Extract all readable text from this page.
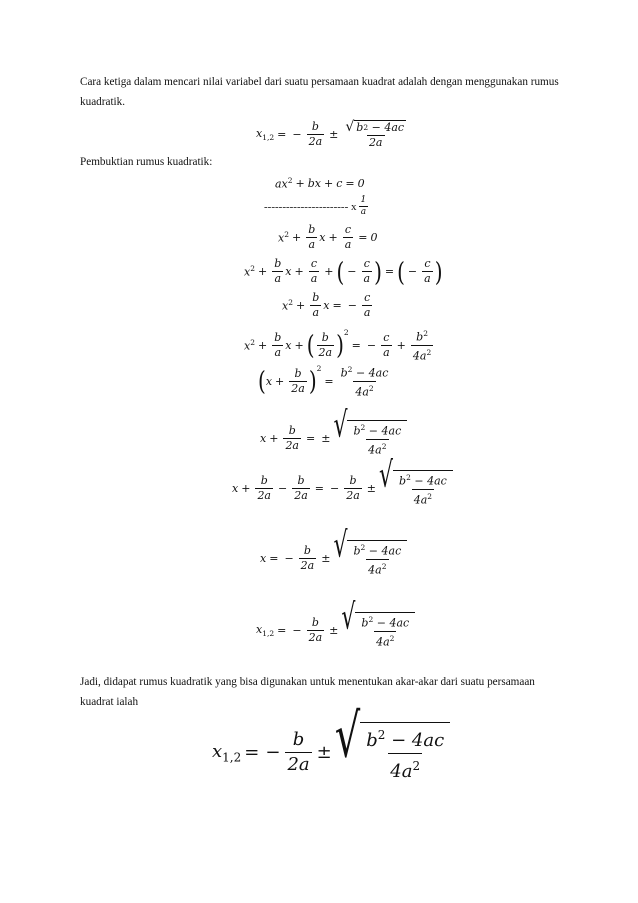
Cara ketiga dalam mencari nilai variabel dari suatu persamaan kuadrat adalah dengan menggunakan rumus kuadratik.
$x_{1,2}$ = − $\frac{b}{2a} \pm \frac{√ b 2 - 4ac}{2a}$
Pembuktian rumus kuadratik:
$ax^2$ + bx + c = 0
----------------------- x
1
a
$x^2 + \frac{b}{a}$ $x + \frac{c}{a} = 0$
$x^2 + \frac{b}{a}$ $x + \frac{c}{a}$ + ( − $\frac{c}{a}$ ) = ( − $\frac{c}{a}$ )
$x^2 + \frac{b}{a}$ x = − $\frac{c}{a}$
$x^2 + \frac{b}{a}$ x + ( b
2a )$^2$
= − $\frac{c}{a} + \frac{b^2}{4a^2}$
( $x + \frac{b}{2a} )^2$
= $\frac{b^2 - 4ac}{4a^2}$
$x + \frac{b}{2a}$ = ± √ $b^2 - 4ac$
$4a^2$
$x + \frac{b}{2a} - \frac{b}{2a}$ = − $\frac{b}{2a}$ ± √ $b^2 - 4ac$
$4a^2$
x = − $\frac{b}{2a}$ ± √ $b^2 - 4ac$
$4a^2$
$x_{1,2}$ = − $\frac{b}{2a}$ ± √ $b^2 - 4ac$
$4a^2$
Jadi, didapat rumus kuadratik yang bisa digunakan untuk menentukan akar-akar dari suatu persamaan kuadrat ialah
$x_{1,2}$ = − $\frac{b}{2a}$ ± √ $b^2 - 4ac$
$4a^2$
